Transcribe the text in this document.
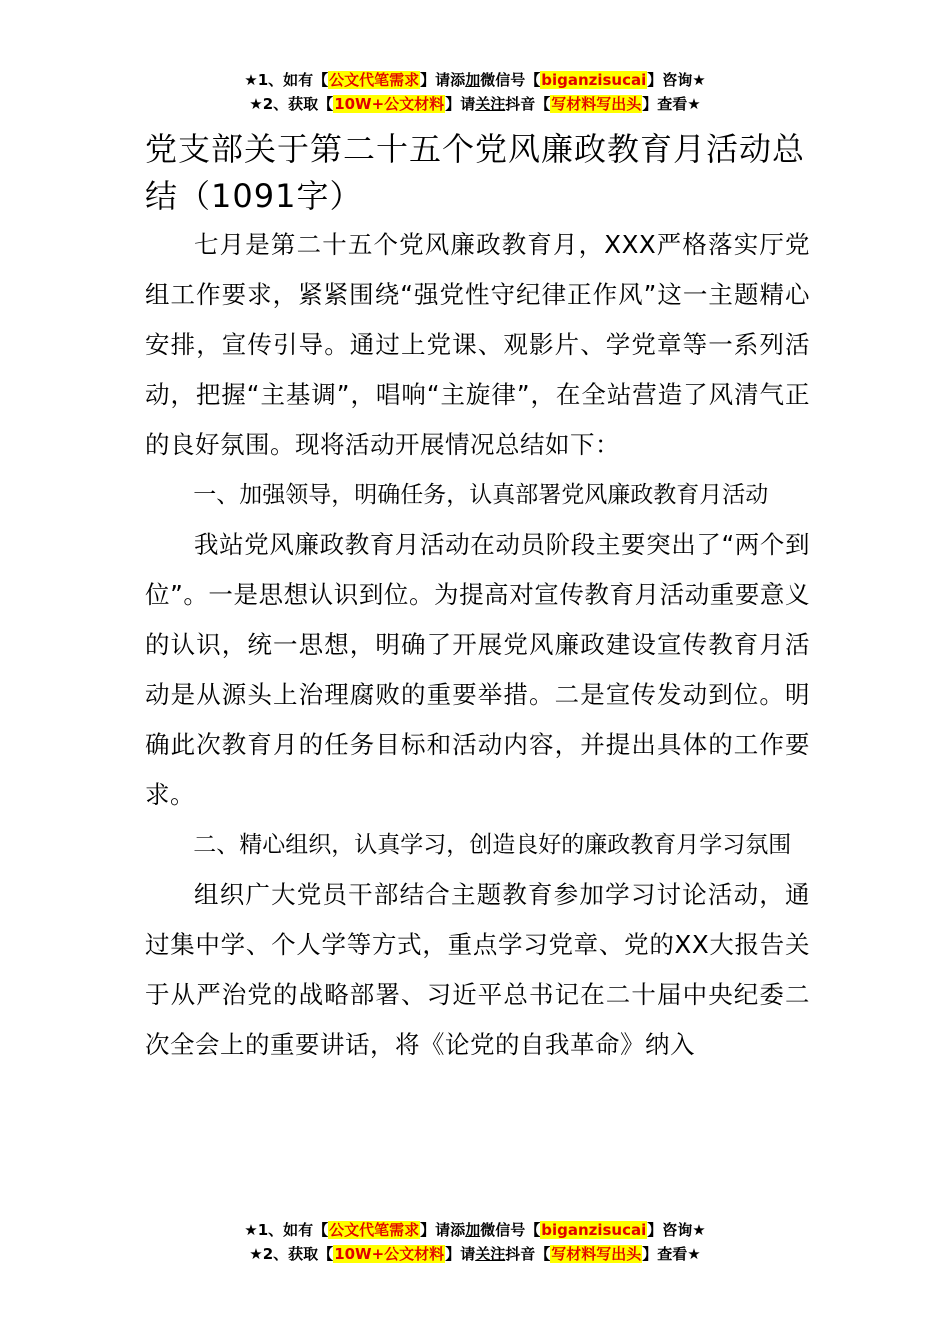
★1、如有【公文代笔需求】请添加微信号【biganzisucai】咨询★
★2、获取【10W+公文材料】请关注抖音【写材料写出头】查看★
党支部关于第二十五个党风廉政教育月活动总结（1091字）

七月是第二十五个党风廉政教育月，XXX严格落实厅党组工作要求，紧紧围绕“强党性守纪律正作风”这一主题精心安排，宣传引导。通过上党课、观影片、学党章等一系列活动，把握“主基调”，唱响“主旋律”，在全站营造了风清气正的良好氛围。现将活动开展情况总结如下：

一、加强领导，明确任务，认真部署党风廉政教育月活动

我站党风廉政教育月活动在动员阶段主要突出了“两个到位”。一是思想认识到位。为提高对宣传教育月活动重要意义的认识，统一思想，明确了开展党风廉政建设宣传教育月活动是从源头上治理腐败的重要举措。二是宣传发动到位。明确此次教育月的任务目标和活动内容，并提出具体的工作要求。

二、精心组织，认真学习，创造良好的廉政教育月学习氛围

组织广大党员干部结合主题教育参加学习讨论活动，通过集中学、个人学等方式，重点学习党章、党的XX大报告关于从严治党的战略部署、习近平总书记在二十届中央纪委二次全会上的重要讲话，将《论党的自我革命》纳入

★1、如有【公文代笔需求】请添加微信号【biganzisucai】咨询★
★2、获取【10W+公文材料】请关注抖音【写材料写出头】查看★
